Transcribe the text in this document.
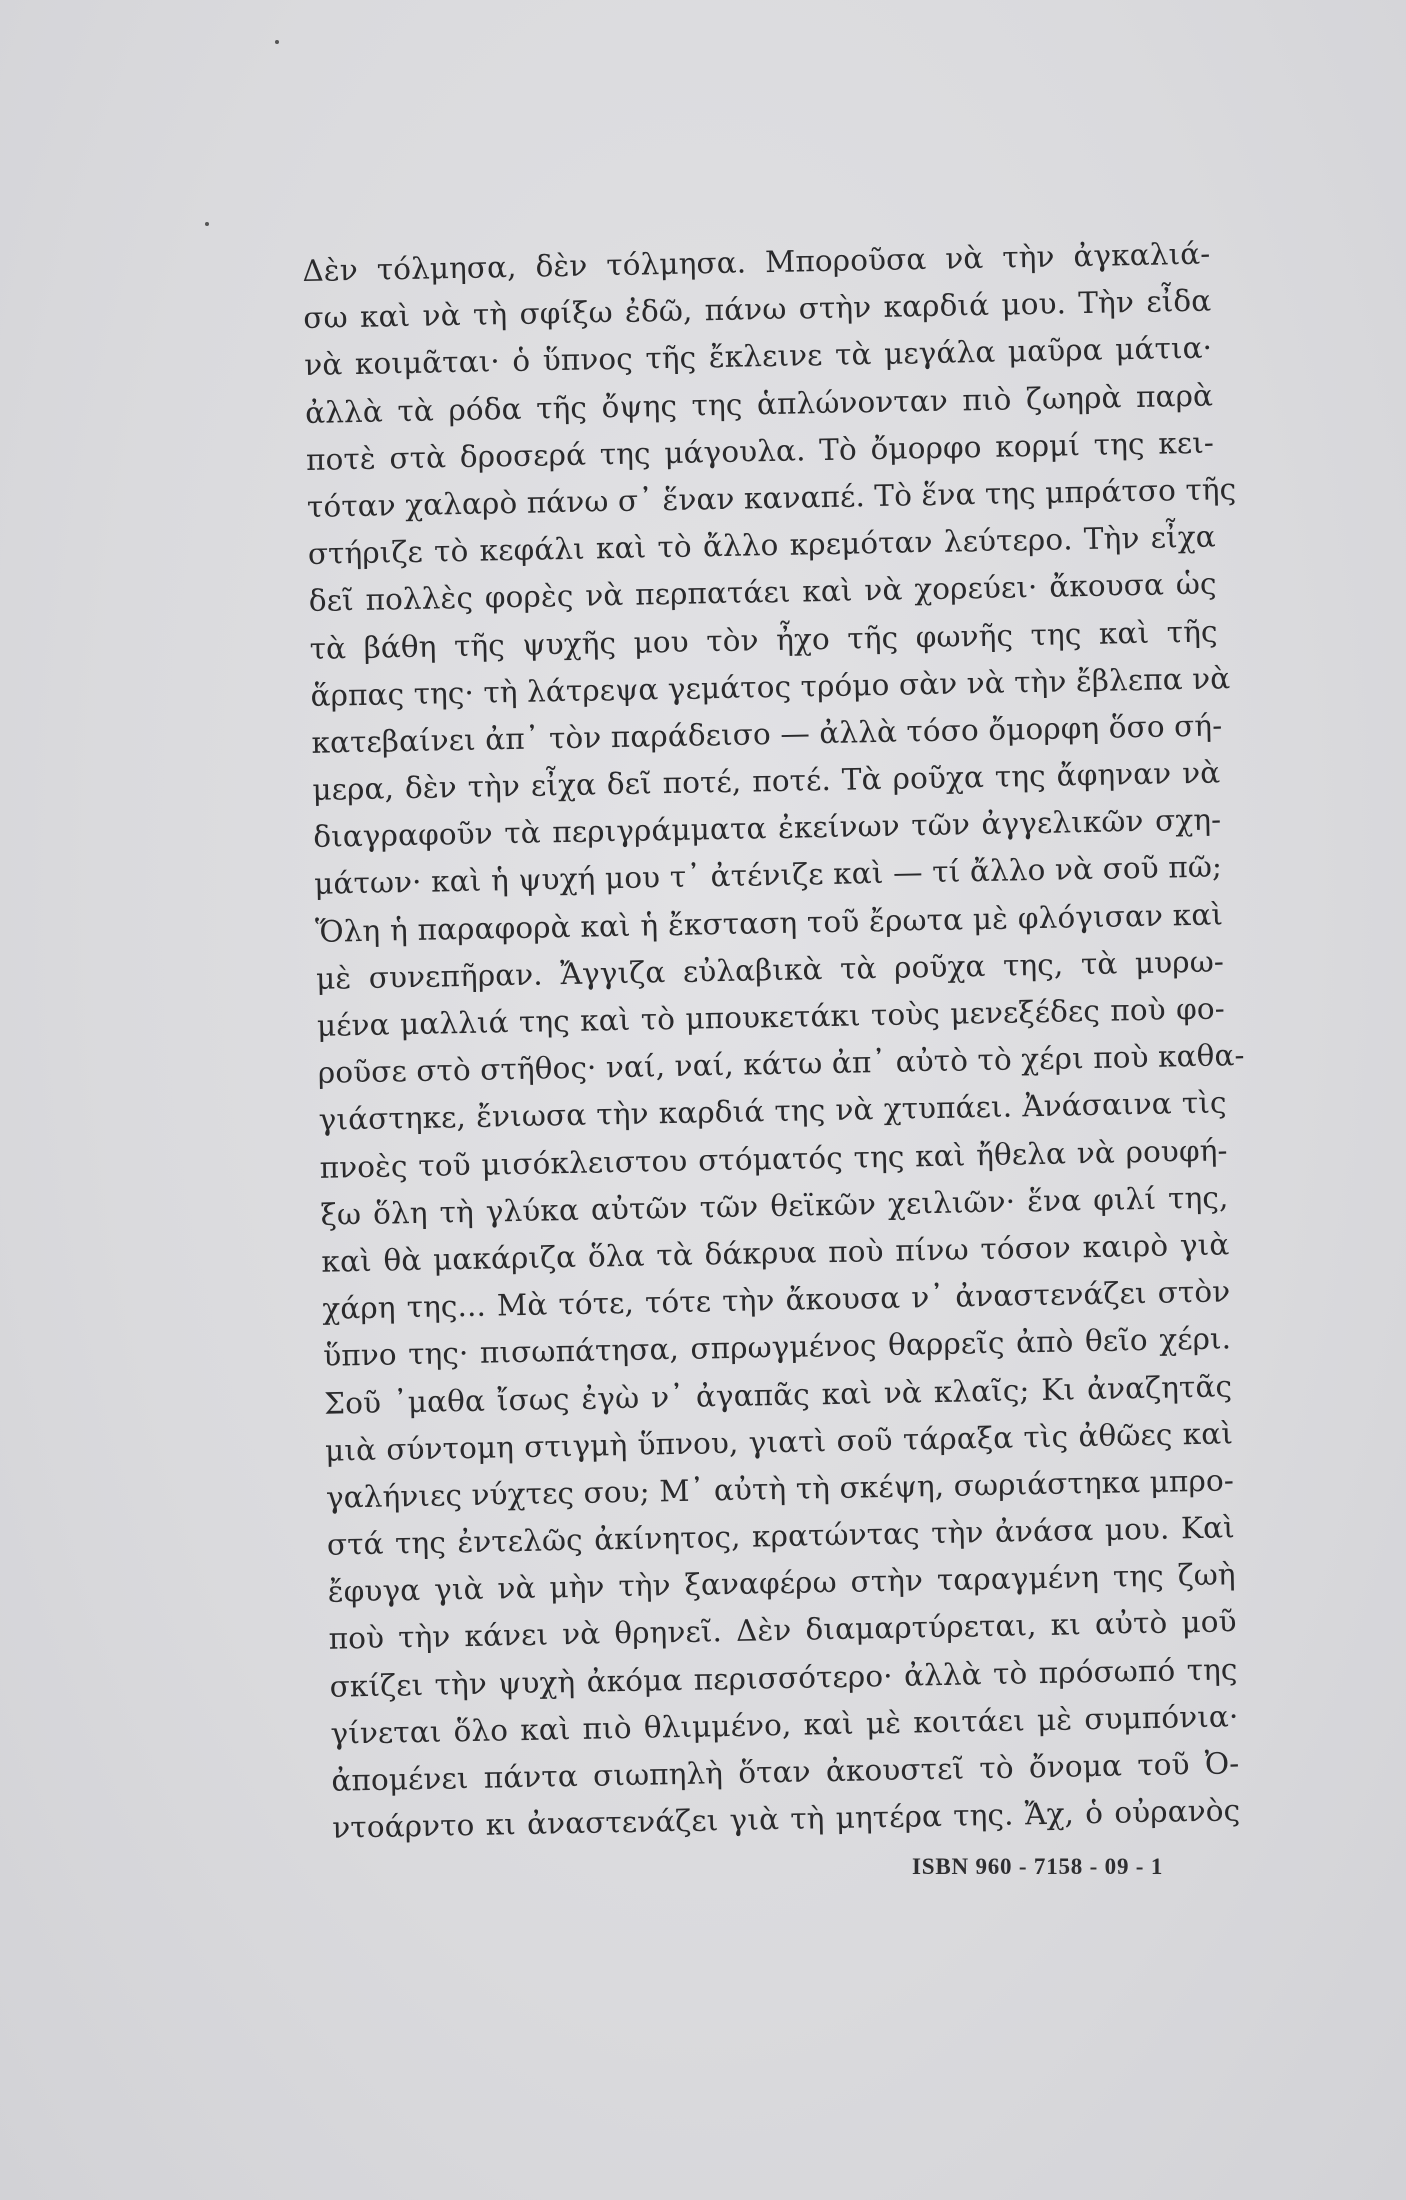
Δὲν τόλμησα, δὲν τόλμησα. Μποροῦσα νὰ τὴν ἀγκαλιά-
σω καὶ νὰ τὴ σφίξω ἐδῶ, πάνω στὴν καρδιά μου. Τὴν εἶδα
νὰ κοιμᾶται· ὁ ὕπνος τῆς ἔκλεινε τὰ μεγάλα μαῦρα μάτια·
ἀλλὰ τὰ ρόδα τῆς ὄψης της ἁπλώνονταν πιὸ ζωηρὰ παρὰ
ποτὲ στὰ δροσερά της μάγουλα. Τὸ ὄμορφο κορμί της κει-
τόταν χαλαρὸ πάνω σ᾽ ἕναν καναπέ. Τὸ ἕνα της μπράτσο τῆς
στήριζε τὸ κεφάλι καὶ τὸ ἄλλο κρεμόταν λεύτερο. Τὴν εἶχα
δεῖ πολλὲς φορὲς νὰ περπατάει καὶ νὰ χορεύει· ἄκουσα ὡς
τὰ βάθη τῆς ψυχῆς μου τὸν ἦχο τῆς φωνῆς της καὶ τῆς
ἅρπας της· τὴ λάτρεψα γεμάτος τρόμο σὰν νὰ τὴν ἔβλεπα νὰ
κατεβαίνει ἀπ᾽ τὸν παράδεισο — ἀλλὰ τόσο ὄμορφη ὅσο σή-
μερα, δὲν τὴν εἶχα δεῖ ποτέ, ποτέ. Τὰ ροῦχα της ἄφηναν νὰ
διαγραφοῦν τὰ περιγράμματα ἐκείνων τῶν ἀγγελικῶν σχη-
μάτων· καὶ ἡ ψυχή μου τ᾽ ἀτένιζε καὶ — τί ἄλλο νὰ σοῦ πῶ;
Ὅλη ἡ παραφορὰ καὶ ἡ ἔκσταση τοῦ ἔρωτα μὲ φλόγισαν καὶ
μὲ συνεπῆραν. Ἄγγιζα εὐλαβικὰ τὰ ροῦχα της, τὰ μυρω-
μένα μαλλιά της καὶ τὸ μπουκετάκι τοὺς μενεξέδες ποὺ φο-
ροῦσε στὸ στῆθος· ναί, ναί, κάτω ἀπ᾽ αὐτὸ τὸ χέρι ποὺ καθα-
γιάστηκε, ἔνιωσα τὴν καρδιά της νὰ χτυπάει. Ἀνάσαινα τὶς
πνοὲς τοῦ μισόκλειστου στόματός της καὶ ἤθελα νὰ ρουφή-
ξω ὅλη τὴ γλύκα αὐτῶν τῶν θεϊκῶν χειλιῶν· ἕνα φιλί της,
καὶ θὰ μακάριζα ὅλα τὰ δάκρυα ποὺ πίνω τόσον καιρὸ γιὰ
χάρη της... Μὰ τότε, τότε τὴν ἄκουσα ν᾽ ἀναστενάζει στὸν
ὕπνο της· πισωπάτησα, σπρωγμένος θαρρεῖς ἀπὸ θεῖο χέρι.
Σοῦ ᾽μαθα ἴσως ἐγὼ ν᾽ ἀγαπᾶς καὶ νὰ κλαῖς; Κι ἀναζητᾶς
μιὰ σύντομη στιγμὴ ὕπνου, γιατὶ σοῦ τάραξα τὶς ἀθῶες καὶ
γαλήνιες νύχτες σου; Μ᾽ αὐτὴ τὴ σκέψη, σωριάστηκα μπρο-
στά της ἐντελῶς ἀκίνητος, κρατώντας τὴν ἀνάσα μου. Καὶ
ἔφυγα γιὰ νὰ μὴν τὴν ξαναφέρω στὴν ταραγμένη της ζωὴ
ποὺ τὴν κάνει νὰ θρηνεῖ. Δὲν διαμαρτύρεται, κι αὐτὸ μοῦ
σκίζει τὴν ψυχὴ ἀκόμα περισσότερο· ἀλλὰ τὸ πρόσωπό της
γίνεται ὅλο καὶ πιὸ θλιμμένο, καὶ μὲ κοιτάει μὲ συμπόνια·
ἀπομένει πάντα σιωπηλὴ ὅταν ἀκουστεῖ τὸ ὄνομα τοῦ Ὀ-
ντοάρντο κι ἀναστενάζει γιὰ τὴ μητέρα της. Ἄχ, ὁ οὐρανὸς
ISBN 960 - 7158 - 09 - 1
